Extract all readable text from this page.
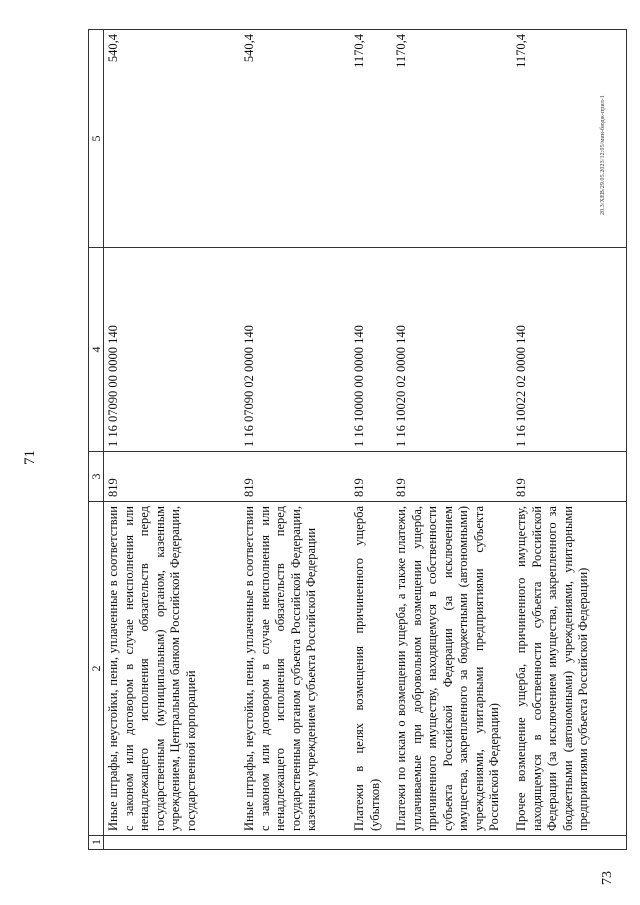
71
1	2	3	4	5
	Иные штрафы, неустойки, пени, уплаченные в соответствии с законом или договором в случае неисполнения или ненадлежащего исполнения обязательств перед государственным (муниципальным) органом, казенным учреждением, Центральным банком Российской Федерации, государственной корпорацией	819	1 16 07090 00 0000 140	540,4
	Иные штрафы, неустойки, пени, уплаченные в соответствии с законом или договором в случае неисполнения или ненадлежащего исполнения обязательств перед государственным органом субъекта Российской Федерации, казенным учреждением субъекта Российской Федерации	819	1 16 07090 02 0000 140	540,4
	Платежи в целях возмещения причиненного ущерба (убытков)	819	1 16 10000 00 0000 140	1170,4
	Платежи по искам о возмещении ущерба, а также платежи, уплачиваемые при добровольном возмещении ущерба, причиненного имуществу, находящемуся в собственности субъекта Российской Федерации (за исключением имущества, закрепленного за бюджетными (автономными) учреждениями, унитарными предприятиями субъекта Российской Федерации)	819	1 16 10020 02 0000 140	1170,4
	Прочее возмещение ущерба, причиненного имуществу, находящемуся в собственности субъекта Российской Федерации (за исключением имущества, закрепленного за бюджетными (автономными) учреждениями, унитарными предприятиями субъекта Российской Федерации)	819	1 16 10022 02 0000 140	1170,4
73
20.3/XEB/29.05.2023/12:05/мин-бюдж-прил-1
